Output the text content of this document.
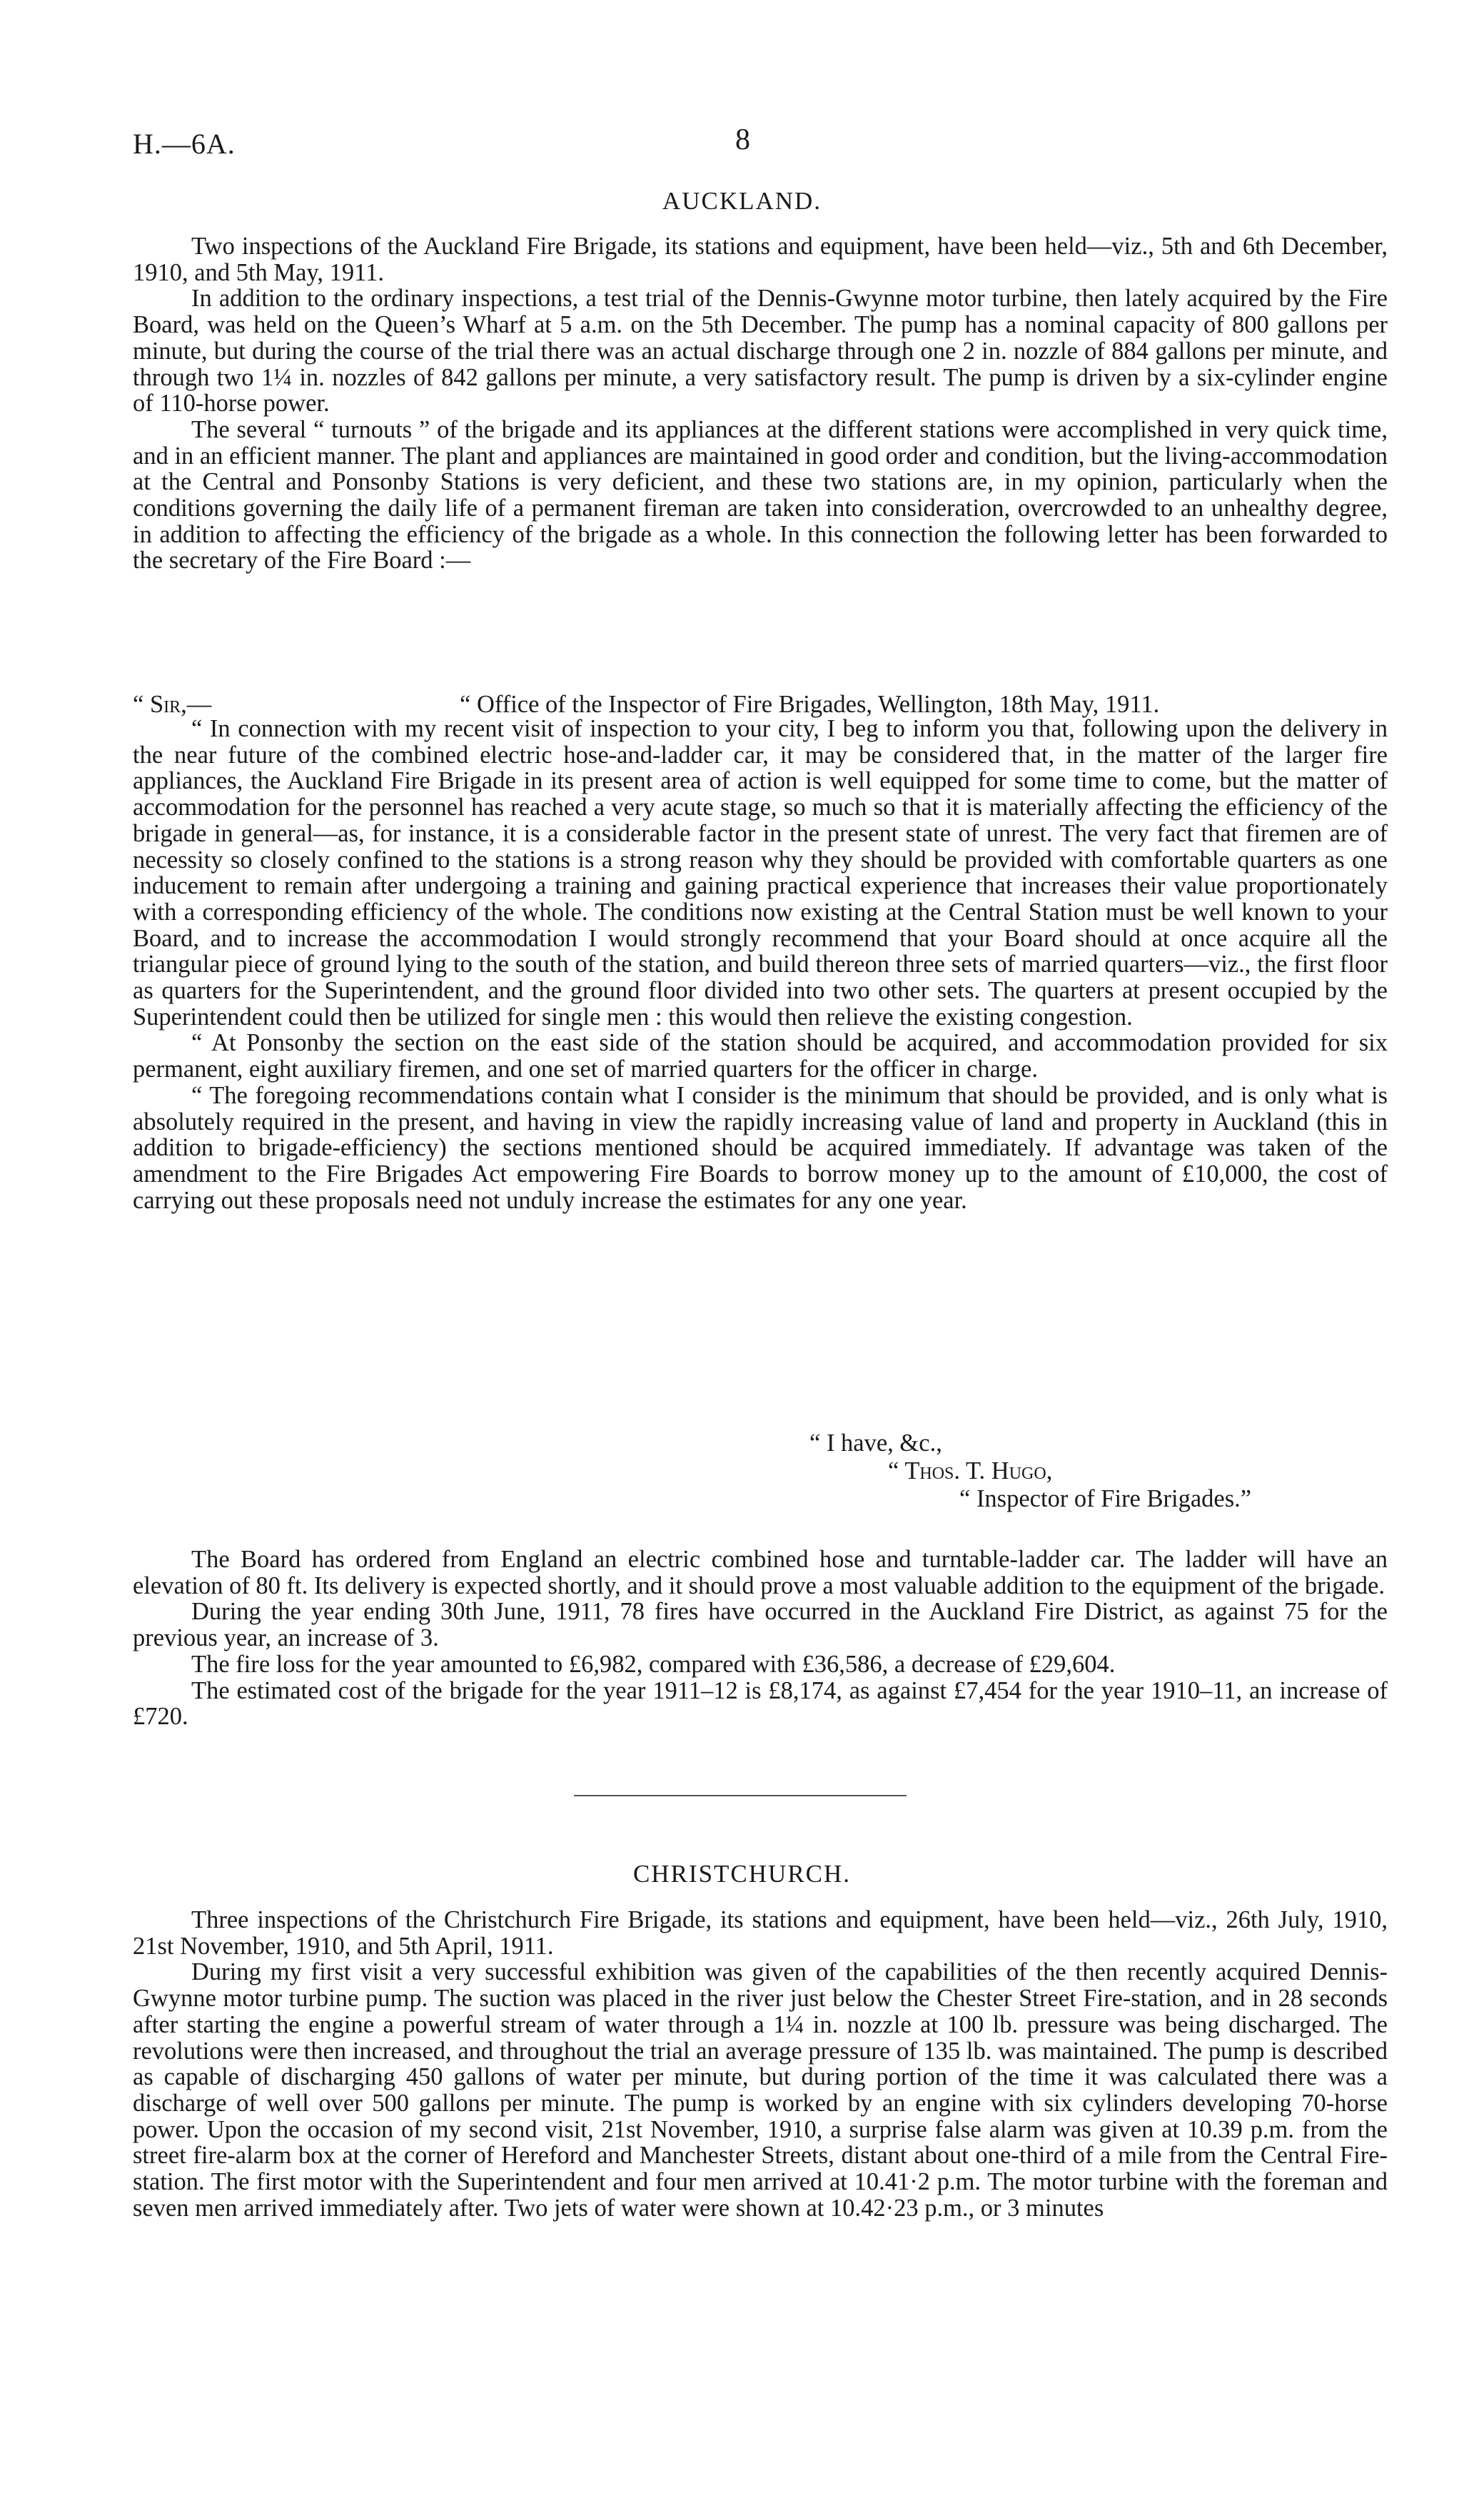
H.—6A.	8
AUCKLAND.

Two inspections of the Auckland Fire Brigade, its stations and equipment, have been held—viz., 5th and 6th December, 1910, and 5th May, 1911.

In addition to the ordinary inspections, a test trial of the Dennis-Gwynne motor turbine, then lately acquired by the Fire Board, was held on the Queen’s Wharf at 5 a.m. on the 5th December. The pump has a nominal capacity of 800 gallons per minute, but during the course of the trial there was an actual discharge through one 2 in. nozzle of 884 gallons per minute, and through two 1¼ in. nozzles of 842 gallons per minute, a very satisfactory result. The pump is driven by a six-cylinder engine of 110-horse power.

The several “ turnouts ” of the brigade and its appliances at the different stations were accomplished in very quick time, and in an efficient manner. The plant and appliances are maintained in good order and condition, but the living-accommodation at the Central and Ponsonby Stations is very deficient, and these two stations are, in my opinion, particularly when the conditions governing the daily life of a permanent fireman are taken into consideration, overcrowded to an unhealthy degree, in addition to affecting the efficiency of the brigade as a whole. In this connection the following letter has been forwarded to the secretary of the Fire Board :—

“ Sir,—	“ Office of the Inspector of Fire Brigades, Wellington, 18th May, 1911.

“ In connection with my recent visit of inspection to your city, I beg to inform you that, following upon the delivery in the near future of the combined electric hose-and-ladder car, it may be considered that, in the matter of the larger fire appliances, the Auckland Fire Brigade in its present area of action is well equipped for some time to come, but the matter of accommodation for the personnel has reached a very acute stage, so much so that it is materially affecting the efficiency of the brigade in general—as, for instance, it is a considerable factor in the present state of unrest. The very fact that firemen are of necessity so closely confined to the stations is a strong reason why they should be provided with comfortable quarters as one inducement to remain after undergoing a training and gaining practical experience that increases their value proportionately with a corresponding efficiency of the whole. The conditions now existing at the Central Station must be well known to your Board, and to increase the accommodation I would strongly recommend that your Board should at once acquire all the triangular piece of ground lying to the south of the station, and build thereon three sets of married quarters—viz., the first floor as quarters for the Superintendent, and the ground floor divided into two other sets. The quarters at present occupied by the Superintendent could then be utilized for single men : this would then relieve the existing congestion.

“ At Ponsonby the section on the east side of the station should be acquired, and accommodation provided for six permanent, eight auxiliary firemen, and one set of married quarters for the officer in charge.

“ The foregoing recommendations contain what I consider is the minimum that should be provided, and is only what is absolutely required in the present, and having in view the rapidly increasing value of land and property in Auckland (this in addition to brigade-efficiency) the sections mentioned should be acquired immediately. If advantage was taken of the amendment to the Fire Brigades Act empowering Fire Boards to borrow money up to the amount of £10,000, the cost of carrying out these proposals need not unduly increase the estimates for any one year.

“ I have, &c.,
“ Thos. T. Hugo,
“ Inspector of Fire Brigades.”

The Board has ordered from England an electric combined hose and turntable-ladder car. The ladder will have an elevation of 80 ft. Its delivery is expected shortly, and it should prove a most valuable addition to the equipment of the brigade.

During the year ending 30th June, 1911, 78 fires have occurred in the Auckland Fire District, as against 75 for the previous year, an increase of 3.

The fire loss for the year amounted to £6,982, compared with £36,586, a decrease of £29,604.

The estimated cost of the brigade for the year 1911–12 is £8,174, as against £7,454 for the year 1910–11, an increase of £720.

CHRISTCHURCH.

Three inspections of the Christchurch Fire Brigade, its stations and equipment, have been held—viz., 26th July, 1910, 21st November, 1910, and 5th April, 1911.

During my first visit a very successful exhibition was given of the capabilities of the then recently acquired Dennis-Gwynne motor turbine pump. The suction was placed in the river just below the Chester Street Fire-station, and in 28 seconds after starting the engine a powerful stream of water through a 1¼ in. nozzle at 100 lb. pressure was being discharged. The revolutions were then increased, and throughout the trial an average pressure of 135 lb. was maintained. The pump is described as capable of discharging 450 gallons of water per minute, but during portion of the time it was calculated there was a discharge of well over 500 gallons per minute. The pump is worked by an engine with six cylinders developing 70-horse power. Upon the occasion of my second visit, 21st November, 1910, a surprise false alarm was given at 10.39 p.m. from the street fire-alarm box at the corner of Hereford and Manchester Streets, distant about one-third of a mile from the Central Fire-station. The first motor with the Superintendent and four men arrived at 10.41·2 p.m. The motor turbine with the foreman and seven men arrived immediately after. Two jets of water were shown at 10.42·23 p.m., or 3 minutes
